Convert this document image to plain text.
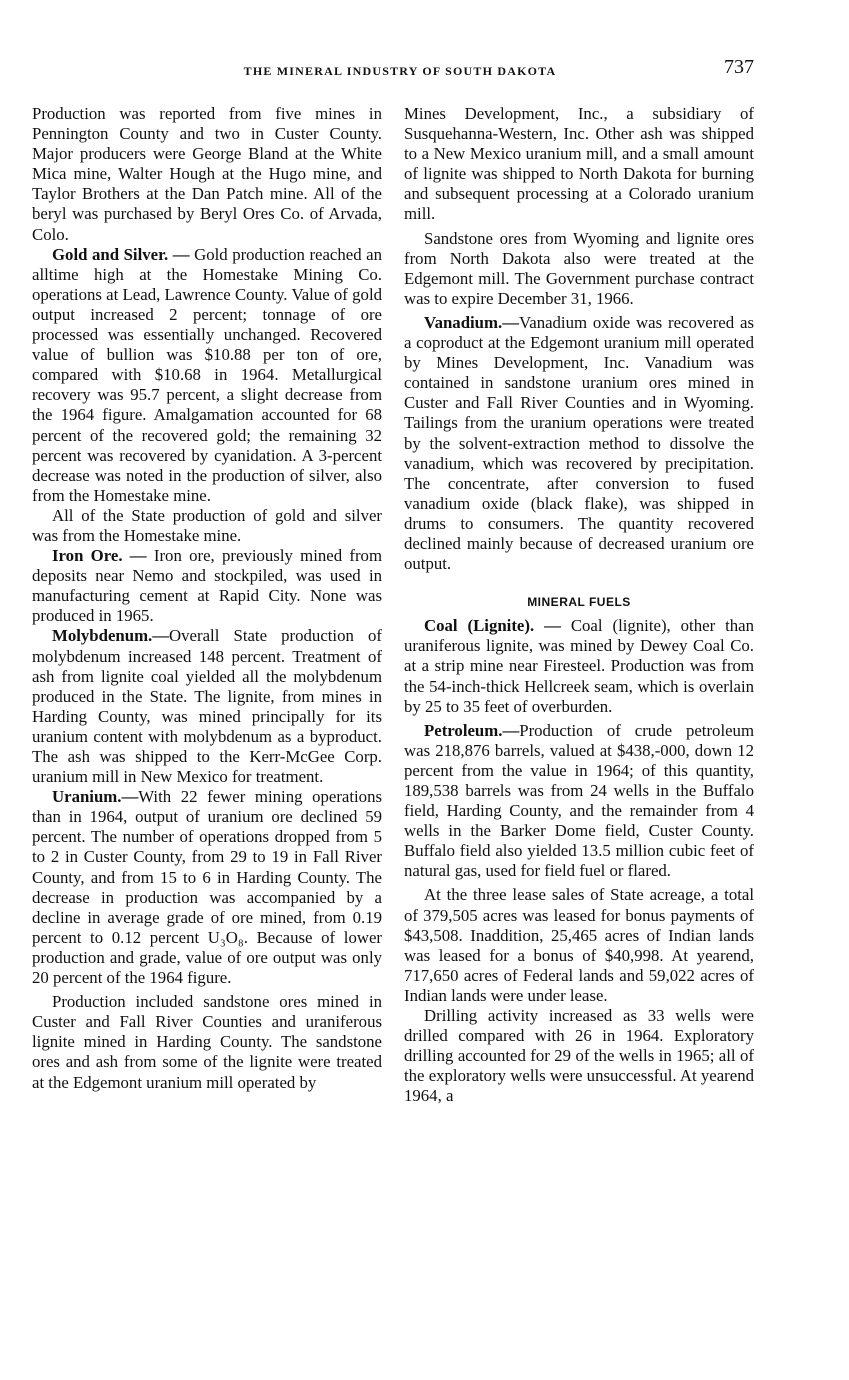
THE MINERAL INDUSTRY OF SOUTH DAKOTA	737

Production was reported from five mines in Pennington County and two in Custer County. Major producers were George Bland at the White Mica mine, Walter Hough at the Hugo mine, and Taylor Brothers at the Dan Patch mine. All of the beryl was purchased by Beryl Ores Co. of Arvada, Colo.

Gold and Silver. — Gold production reached an alltime high at the Homestake Mining Co. operations at Lead, Lawrence County. Value of gold output increased 2 percent; tonnage of ore processed was essentially unchanged. Recovered value of bullion was $10.88 per ton of ore, compared with $10.68 in 1964. Metallurgical recovery was 95.7 percent, a slight decrease from the 1964 figure. Amalgamation accounted for 68 percent of the recovered gold; the remaining 32 percent was recovered by cyanidation. A 3-percent decrease was noted in the production of silver, also from the Homestake mine.

All of the State production of gold and silver was from the Homestake mine.

Iron Ore. — Iron ore, previously mined from deposits near Nemo and stockpiled, was used in manufacturing cement at Rapid City. None was produced in 1965.

Molybdenum.—Overall State production of molybdenum increased 148 percent. Treatment of ash from lignite coal yielded all the molybdenum produced in the State. The lignite, from mines in Harding County, was mined principally for its uranium content with molybdenum as a byproduct. The ash was shipped to the Kerr-McGee Corp. uranium mill in New Mexico for treatment.

Uranium.—With 22 fewer mining operations than in 1964, output of uranium ore declined 59 percent. The number of operations dropped from 5 to 2 in Custer County, from 29 to 19 in Fall River County, and from 15 to 6 in Harding County. The decrease in production was accompanied by a decline in average grade of ore mined, from 0.19 percent to 0.12 percent U₃O₈. Because of lower production and grade, value of ore output was only 20 percent of the 1964 figure.

Production included sandstone ores mined in Custer and Fall River Counties and uraniferous lignite mined in Harding County. The sandstone ores and ash from some of the lignite were treated at the Edgemont uranium mill operated by

Mines Development, Inc., a subsidiary of Susquehanna-Western, Inc. Other ash was shipped to a New Mexico uranium mill, and a small amount of lignite was shipped to North Dakota for burning and subsequent processing at a Colorado uranium mill.

Sandstone ores from Wyoming and lignite ores from North Dakota also were treated at the Edgemont mill. The Government purchase contract was to expire December 31, 1966.

Vanadium.—Vanadium oxide was recovered as a coproduct at the Edgemont uranium mill operated by Mines Development, Inc. Vanadium was contained in sandstone uranium ores mined in Custer and Fall River Counties and in Wyoming. Tailings from the uranium operations were treated by the solvent-extraction method to dissolve the vanadium, which was recovered by precipitation. The concentrate, after conversion to fused vanadium oxide (black flake), was shipped in drums to consumers. The quantity recovered declined mainly because of decreased uranium ore output.

MINERAL FUELS

Coal (Lignite). — Coal (lignite), other than uraniferous lignite, was mined by Dewey Coal Co. at a strip mine near Firesteel. Production was from the 54-inch-thick Hellcreek seam, which is overlain by 25 to 35 feet of overburden.

Petroleum.—Production of crude petroleum was 218,876 barrels, valued at $438,-000, down 12 percent from the value in 1964; of this quantity, 189,538 barrels was from 24 wells in the Buffalo field, Harding County, and the remainder from 4 wells in the Barker Dome field, Custer County. Buffalo field also yielded 13.5 million cubic feet of natural gas, used for field fuel or flared.

At the three lease sales of State acreage, a total of 379,505 acres was leased for bonus payments of $43,508. Inaddition, 25,465 acres of Indian lands was leased for a bonus of $40,998. At yearend, 717,650 acres of Federal lands and 59,022 acres of Indian lands were under lease.

Drilling activity increased as 33 wells were drilled compared with 26 in 1964. Exploratory drilling accounted for 29 of the wells in 1965; all of the exploratory wells were unsuccessful. At yearend 1964, a
